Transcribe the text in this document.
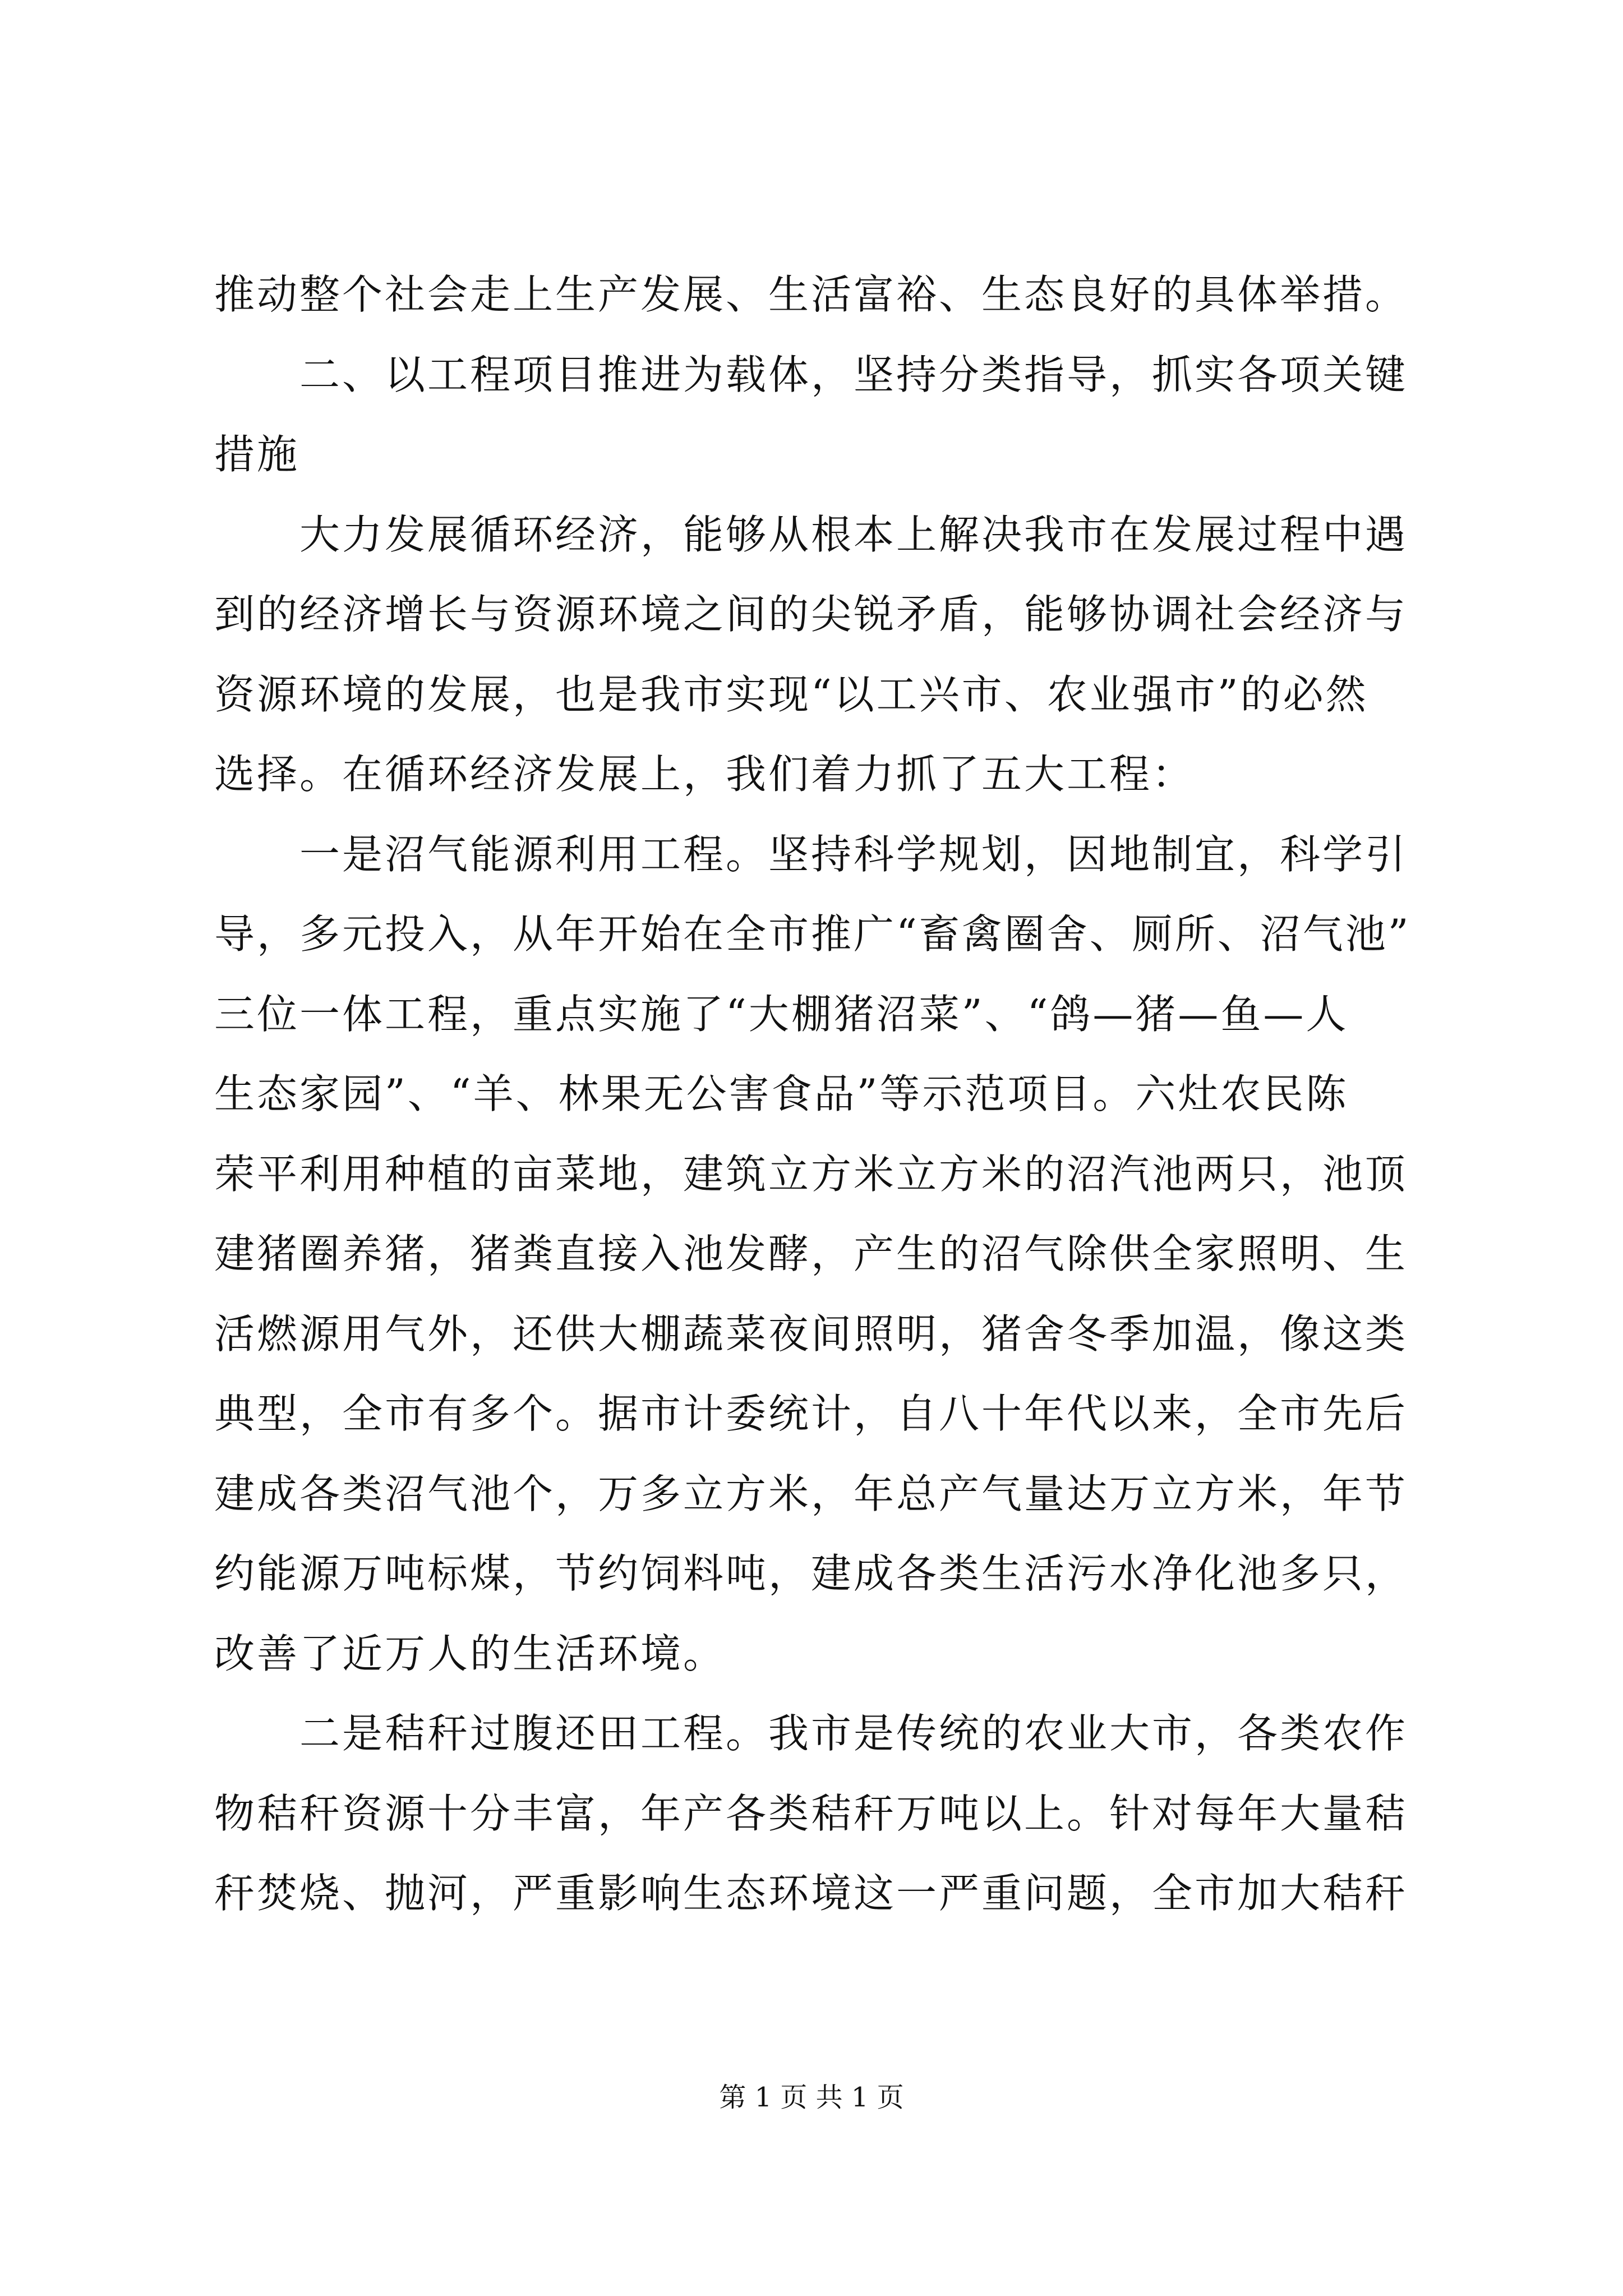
推动整个社会走上生产发展、生活富裕、生态良好的具体举措。
　　二、以工程项目推进为载体，坚持分类指导，抓实各项关键
措施
　　大力发展循环经济，能够从根本上解决我市在发展过程中遇
到的经济增长与资源环境之间的尖锐矛盾，能够协调社会经济与
资源环境的发展，也是我市实现“以工兴市、农业强市”的必然
选择。在循环经济发展上，我们着力抓了五大工程：
　　一是沼气能源利用工程。坚持科学规划，因地制宜，科学引
导，多元投入，从年开始在全市推广“畜禽圈舍、厕所、沼气池”
三位一体工程，重点实施了“大棚猪沼菜”、“鸽—猪—鱼—人
生态家园”、“羊、林果无公害食品”等示范项目。六灶农民陈
荣平利用种植的亩菜地，建筑立方米立方米的沼汽池两只，池顶
建猪圈养猪，猪粪直接入池发酵，产生的沼气除供全家照明、生
活燃源用气外，还供大棚蔬菜夜间照明，猪舍冬季加温，像这类
典型，全市有多个。据市计委统计，自八十年代以来，全市先后
建成各类沼气池个，万多立方米，年总产气量达万立方米，年节
约能源万吨标煤，节约饲料吨，建成各类生活污水净化池多只，
改善了近万人的生活环境。
　　二是秸秆过腹还田工程。我市是传统的农业大市，各类农作
物秸秆资源十分丰富，年产各类秸秆万吨以上。针对每年大量秸
秆焚烧、抛河，严重影响生态环境这一严重问题，全市加大秸秆
第 1 页 共 1 页
